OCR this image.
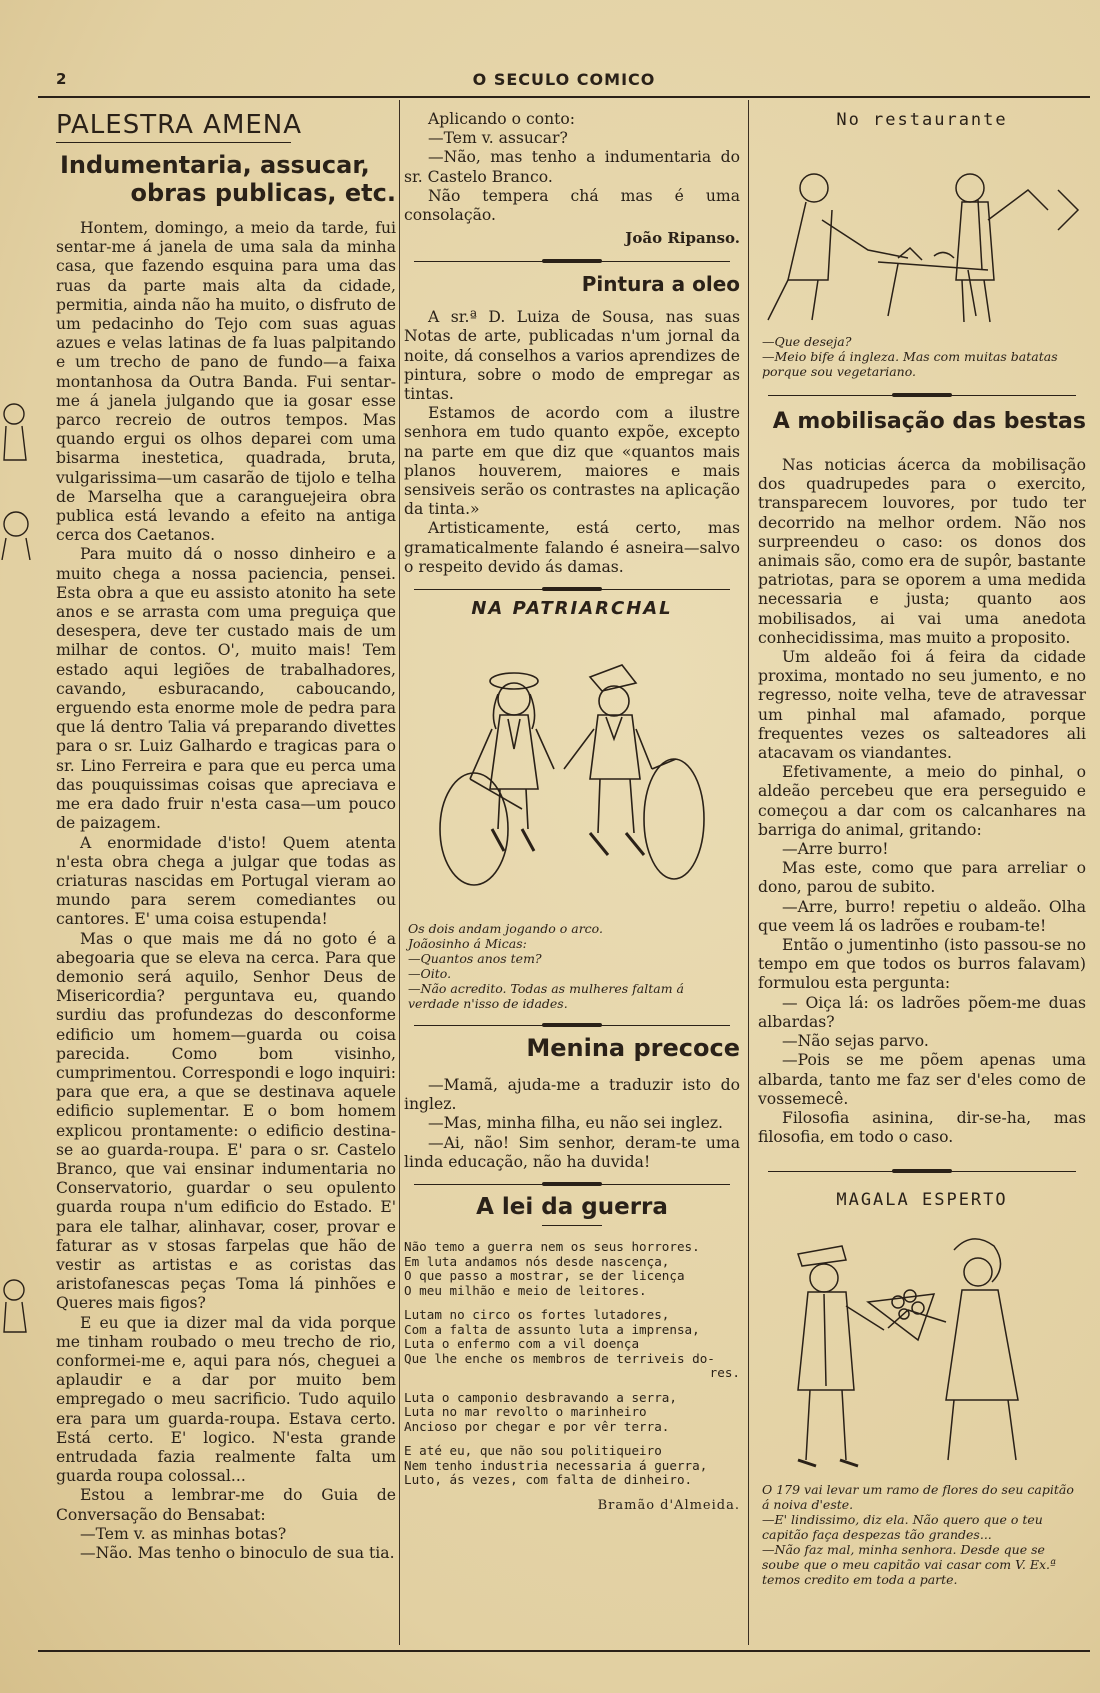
2	O SECULO COMICO
PALESTRA AMENA
Indumentaria, assucar,
obras publicas, etc.

Hontem, domingo, a meio da tarde, fui sentar-me á janela de uma sala da minha casa, que fazendo esquina para uma das ruas da parte mais alta da cidade, permitia, ainda não ha muito, o disfruto de um pedacinho do Tejo com suas aguas azues e velas latinas de fa luas palpitando e um trecho de pano de fundo—a faixa montanhosa da Outra Banda. Fui sentar-me á janela julgando que ia gosar esse parco recreio de outros tempos. Mas quando ergui os olhos deparei com uma bisarma inestetica, quadrada, bruta, vulgarissima—um casarão de tijolo e telha de Marselha que a caranguejeira obra publica está levando a efeito na antiga cerca dos Caetanos.

Para muito dá o nosso dinheiro e a muito chega a nossa paciencia, pensei. Esta obra a que eu assisto atonito ha sete anos e se arrasta com uma preguiça que desespera, deve ter custado mais de um milhar de contos. O', muito mais! Tem estado aqui legiões de trabalhadores, cavando, esburacando, caboucando, erguendo esta enorme mole de pedra para que lá dentro Talia vá preparando divettes para o sr. Luiz Galhardo e tragicas para o sr. Lino Ferreira e para que eu perca uma das pouquissimas coisas que apreciava e me era dado fruir n'esta casa—um pouco de paizagem.

A enormidade d'isto! Quem atenta n'esta obra chega a julgar que todas as criaturas nascidas em Portugal vieram ao mundo para serem comediantes ou cantores. E' uma coisa estupenda!

Mas o que mais me dá no goto é a abegoaria que se eleva na cerca. Para que demonio será aquilo, Senhor Deus de Misericordia? perguntava eu, quando surdiu das profundezas do desconforme edificio um homem—guarda ou coisa parecida. Como bom visinho, cumprimentou. Correspondi e logo inquiri: para que era, a que se destinava aquele edificio suplementar. E o bom homem explicou prontamente: o edificio destina-se ao guarda-roupa. E' para o sr. Castelo Branco, que vai ensinar indumentaria no Conservatorio, guardar o seu opulento guarda roupa n'um edificio do Estado. E' para ele talhar, alinhavar, coser, provar e faturar as v stosas farpelas que hão de vestir as artistas e as coristas das aristofanescas peças Toma lá pinhões e Queres mais figos?

E eu que ia dizer mal da vida porque me tinham roubado o meu trecho de rio, conformei-me e, aqui para nós, cheguei a aplaudir e a dar por muito bem empregado o meu sacrificio. Tudo aquilo era para um guarda-roupa. Estava certo. Está certo. E' logico. N'esta grande entrudada fazia realmente falta um guarda roupa colossal...

Estou a lembrar-me do Guia de Conversação do Bensabat:

—Tem v. as minhas botas?

—Não. Mas tenho o binoculo de sua tia.

Aplicando o conto:

—Tem v. assucar?

—Não, mas tenho a indumentaria do sr. Castelo Branco.

Não tempera chá mas é uma consolação.

João Ripanso.
Pintura a oleo

A sr.ª D. Luiza de Sousa, nas suas Notas de arte, publicadas n'um jornal da noite, dá conselhos a varios aprendizes de pintura, sobre o modo de empregar as tintas.

Estamos de acordo com a ilustre senhora em tudo quanto expõe, excepto na parte em que diz que «quantos mais planos houverem, maiores e mais sensiveis serão os contrastes na aplicação da tinta.»

Artisticamente, está certo, mas gramaticalmente falando é asneira—salvo o respeito devido ás damas.

NA PATRIARCHAL

Os dois andam jogando o arco.

Joãosinho á Micas:

—Quantos anos tem?

—Oito.

—Não acredito. Todas as mulheres faltam á verdade n'isso de idades.

Menina precoce

—Mamã, ajuda-me a traduzir isto do inglez.

—Mas, minha filha, eu não sei inglez.

—Ai, não! Sim senhor, deram-te uma linda educação, não ha duvida!

A lei da guerra

Não temo a guerra nem os seus horrores.

Em luta andamos nós desde nascença,

O que passo a mostrar, se der licença

O meu milhão e meio de leitores.

Lutam no circo os fortes lutadores,

Com a falta de assunto luta a imprensa,

Luta o enfermo com a vil doença

Que lhe enche os membros de terriveis do-

res.

Luta o camponio desbravando a serra,

Luta no mar revolto o marinheiro

Ancioso por chegar e por vêr terra.

E até eu, que não sou politiqueiro

Nem tenho industria necessaria á guerra,

Luto, ás vezes, com falta de dinheiro.

Bramão d'Almeida.
No restaurante

—Que deseja?

—Meio bife á ingleza. Mas com muitas batatas porque sou vegetariano.

A mobilisação das bestas

Nas noticias ácerca da mobilisação dos quadrupedes para o exercito, transparecem louvores, por tudo ter decorrido na melhor ordem. Não nos surpreendeu o caso: os donos dos animais são, como era de supôr, bastante patriotas, para se oporem a uma medida necessaria e justa; quanto aos mobilisados, ai vai uma anedota conhecidissima, mas muito a proposito.

Um aldeão foi á feira da cidade proxima, montado no seu jumento, e no regresso, noite velha, teve de atravessar um pinhal mal afamado, porque frequentes vezes os salteadores ali atacavam os viandantes.

Efetivamente, a meio do pinhal, o aldeão percebeu que era perseguido e começou a dar com os calcanhares na barriga do animal, gritando:

—Arre burro!

Mas este, como que para arreliar o dono, parou de subito.

—Arre, burro! repetiu o aldeão. Olha que veem lá os ladrões e roubam-te!

Então o jumentinho (isto passou-se no tempo em que todos os burros falavam) formulou esta pergunta:

— Oiça lá: os ladrões põem-me duas albardas?

—Não sejas parvo.

—Pois se me põem apenas uma albarda, tanto me faz ser d'eles como de vossemecê.

Filosofia asinina, dir-se-ha, mas filosofia, em todo o caso.

MAGALA ESPERTO

O 179 vai levar um ramo de flores do seu capitão á noiva d'este.

—E' lindissimo, diz ela. Não quero que o teu capitão faça despezas tão grandes...

—Não faz mal, minha senhora. Desde que se soube que o meu capitão vai casar com V. Ex.ª temos credito em toda a parte.
